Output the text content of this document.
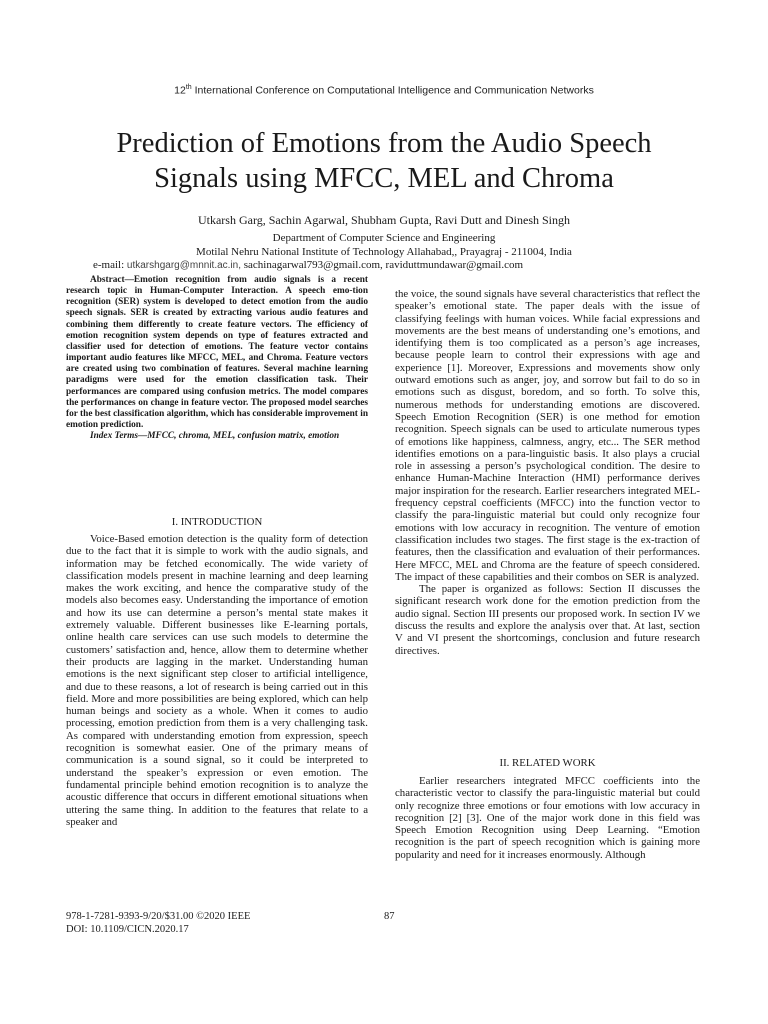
12th International Conference on Computational Intelligence and Communication Networks
Prediction of Emotions from the Audio Speech
Signals using MFCC, MEL and Chroma
Utkarsh Garg, Sachin Agarwal, Shubham Gupta, Ravi Dutt and Dinesh Singh
Department of Computer Science and Engineering
Motilal Nehru National Institute of Technology Allahabad,, Prayagraj - 211004, India
e-mail: utkarshgarg@mnnit.ac.in, sachinagarwal793@gmail.com, raviduttmundawar@gmail.com

Abstract—Emotion recognition from audio signals is a recent research topic in Human-Computer Interaction. A speech emo-tion recognition (SER) system is developed to detect emotion from the audio speech signals. SER is created by extracting various audio features and combining them differently to create feature vectors. The efficiency of emotion recognition system depends on type of features extracted and classifier used for detection of emotions. The feature vector contains important audio features like MFCC, MEL, and Chroma. Feature vectors are created using two combination of features. Several machine learning paradigms were used for the emotion classification task. Their performances are compared using confusion metrics. The model compares the performances on change in feature vector. The proposed model searches for the best classification algorithm, which has considerable improvement in emotion prediction.

Index Terms—MFCC, chroma, MEL, confusion matrix, emotion

I. INTRODUCTION

Voice-Based emotion detection is the quality form of detection due to the fact that it is simple to work with the audio signals, and information may be fetched economically. The wide variety of classification models present in machine learning and deep learning makes the work exciting, and hence the comparative study of the models also becomes easy. Understanding the importance of emotion and how its use can determine a person’s mental state makes it extremely valuable. Different businesses like E-learning portals, online health care services can use such models to determine the customers’ satisfaction and, hence, allow them to determine whether their products are lagging in the market. Understanding human emotions is the next significant step closer to artificial intelligence, and due to these reasons, a lot of research is being carried out in this field. More and more possibilities are being explored, which can help human beings and society as a whole. When it comes to audio processing, emotion prediction from them is a very challenging task. As compared with understanding emotion from expression, speech recognition is somewhat easier. One of the primary means of communication is a sound signal, so it could be interpreted to understand the speaker’s expression or even emotion. The fundamental principle behind emotion recognition is to analyze the acoustic difference that occurs in different emotional situations when uttering the same thing. In addition to the features that relate to a speaker and

the voice, the sound signals have several characteristics that reflect the speaker’s emotional state. The paper deals with the issue of classifying feelings with human voices. While facial expressions and movements are the best means of understanding one’s emotions, and identifying them is too complicated as a person’s age increases, because people learn to control their expressions with age and experience [1]. Moreover, Expressions and movements show only outward emotions such as anger, joy, and sorrow but fail to do so in emotions such as disgust, boredom, and so forth. To solve this, numerous methods for understanding emotions are discovered. Speech Emotion Recognition (SER) is one method for emotion recognition. Speech signals can be used to articulate numerous types of emotions like happiness, calmness, angry, etc... The SER method identifies emotions on a para-linguistic basis. It also plays a crucial role in assessing a person’s psychological condition. The desire to enhance Human-Machine Interaction (HMI) performance derives major inspiration for the research. Earlier researchers integrated MEL-frequency cepstral coefficients (MFCC) into the function vector to classify the para-linguistic material but could only recognize four emotions with low accuracy in recognition. The venture of emotion classification includes two stages. The first stage is the ex-traction of features, then the classification and evaluation of their performances. Here MFCC, MEL and Chroma are the feature of speech considered. The impact of these capabilities and their combos on SER is analyzed.

The paper is organized as follows: Section II discusses the significant research work done for the emotion prediction from the audio signal. Section III presents our proposed work. In section IV we discuss the results and explore the analysis over that. At last, section V and VI present the shortcomings, conclusion and future research directives.

II. RELATED WORK

Earlier researchers integrated MFCC coefficients into the characteristic vector to classify the para-linguistic material but could only recognize three emotions or four emotions with low accuracy in recognition [2] [3]. One of the major work done in this field was Speech Emotion Recognition using Deep Learning. “Emotion recognition is the part of speech recognition which is gaining more popularity and need for it increases enormously. Although

978-1-7281-9393-9/20/$31.00 ©2020 IEEE
DOI: 10.1109/CICN.2020.17
87
